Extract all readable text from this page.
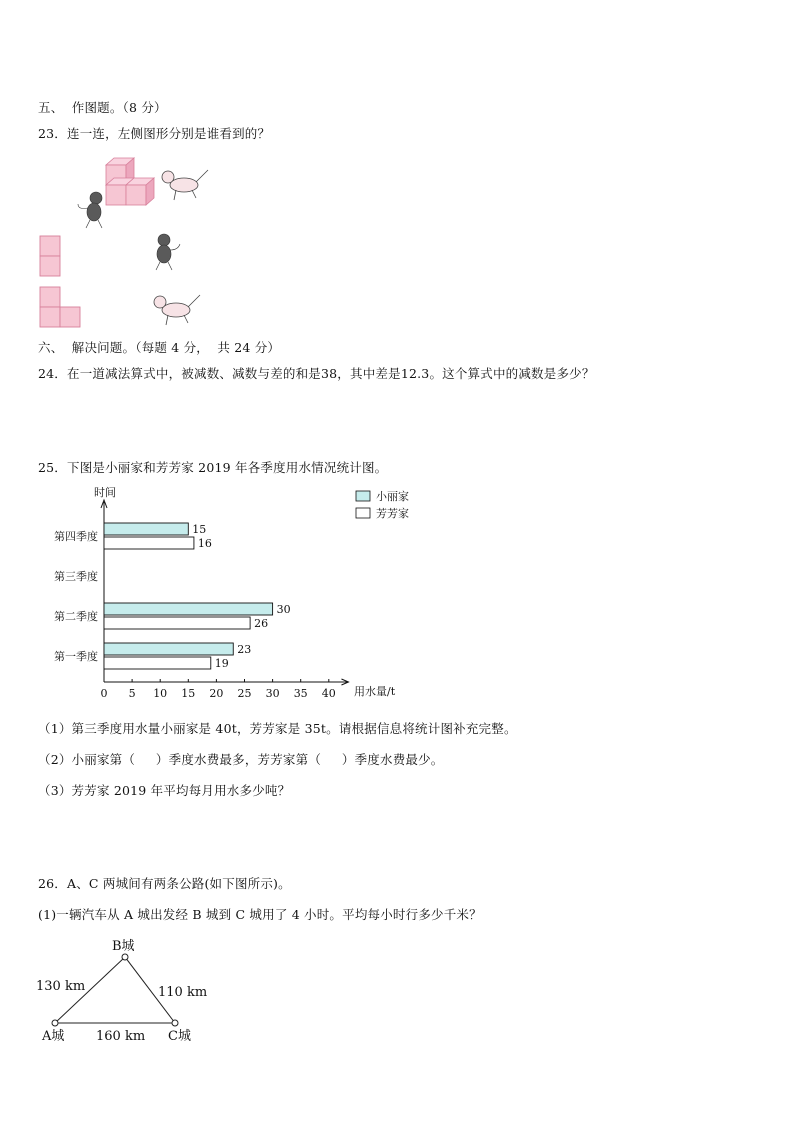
五、  作图题。（8 分）
23．连一连，左侧图形分别是谁看到的？
六、  解决问题。（每题 4 分，  共 24 分）
24．在一道减法算式中，被减数、减数与差的和是38，其中差是12.3。这个算式中的减数是多少？
25．下图是小丽家和芳芳家 2019 年各季度用水情况统计图。
时间
用水量/t
0 5 10 15 20 25 30 35 40
第一季度
23
19
第二季度
30
26
第三季度
第四季度
15
16
小丽家
芳芳家
（1）第三季度用水量小丽家是 40t，芳芳家是 35t。请根据信息将统计图补充完整。
（2）小丽家第（     ）季度水费最多，芳芳家第（     ）季度水费最少。
（3）芳芳家 2019 年平均每月用水多少吨？
26．A、C 两城间有两条公路(如下图所示)。
(1)一辆汽车从 A 城出发经 B 城到 C 城用了 4 小时。平均每小时行多少千米？
B城
A城	C城
130 km	110 km
160 km
